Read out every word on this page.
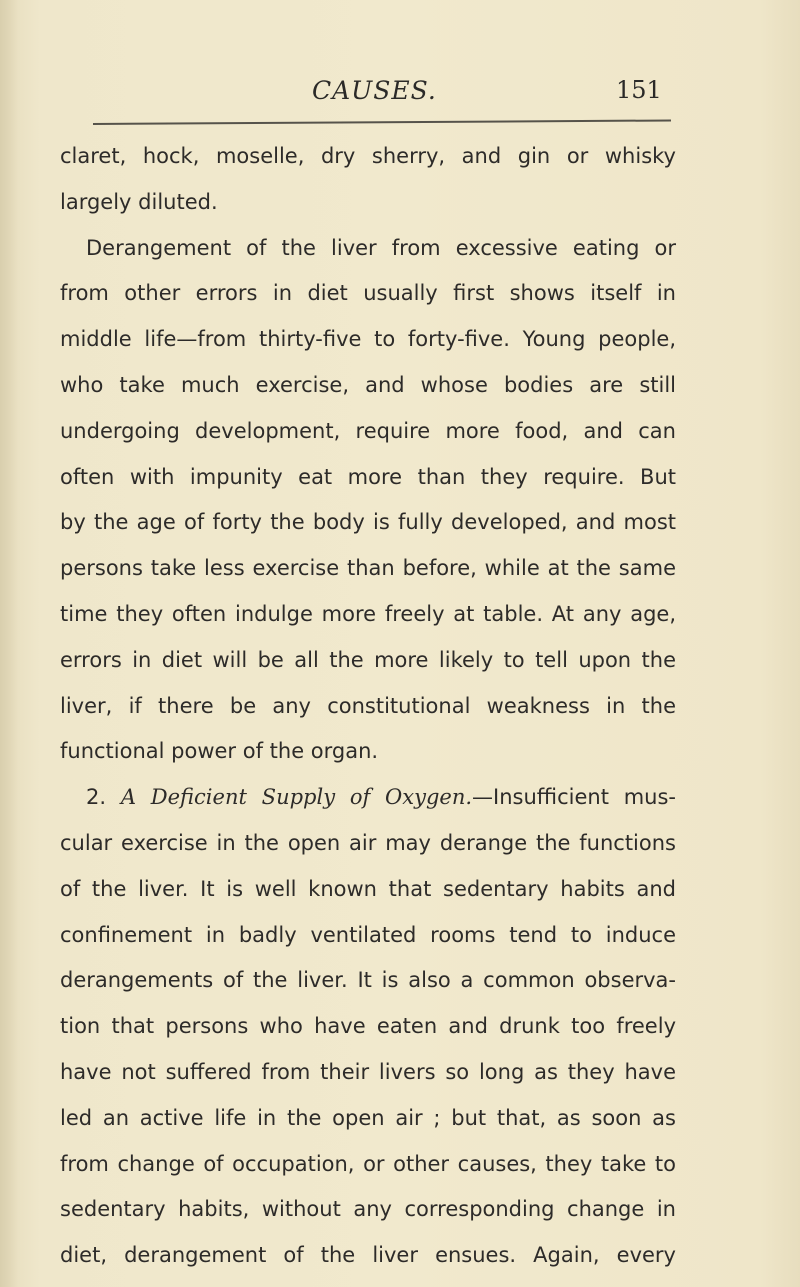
CAUSES.	151
claret, hock, moselle, dry sherry, and gin or whisky
largely diluted.
Derangement of the liver from excessive eating or
from other errors in diet usually first shows itself in
middle life—from thirty-five to forty-five. Young people,
who take much exercise, and whose bodies are still
undergoing development, require more food, and can
often with impunity eat more than they require. But
by the age of forty the body is fully developed, and most
persons take less exercise than before, while at the same
time they often indulge more freely at table. At any age,
errors in diet will be all the more likely to tell upon the
liver, if there be any constitutional weakness in the
functional power of the organ.
2. A Deficient Supply of Oxygen.—Insufficient mus-
cular exercise in the open air may derange the functions
of the liver. It is well known that sedentary habits and
confinement in badly ventilated rooms tend to induce
derangements of the liver. It is also a common observa-
tion that persons who have eaten and drunk too freely
have not suffered from their livers so long as they have
led an active life in the open air ; but that, as soon as
from change of occupation, or other causes, they take to
sedentary habits, without any corresponding change in
diet, derangement of the liver ensues. Again, every
